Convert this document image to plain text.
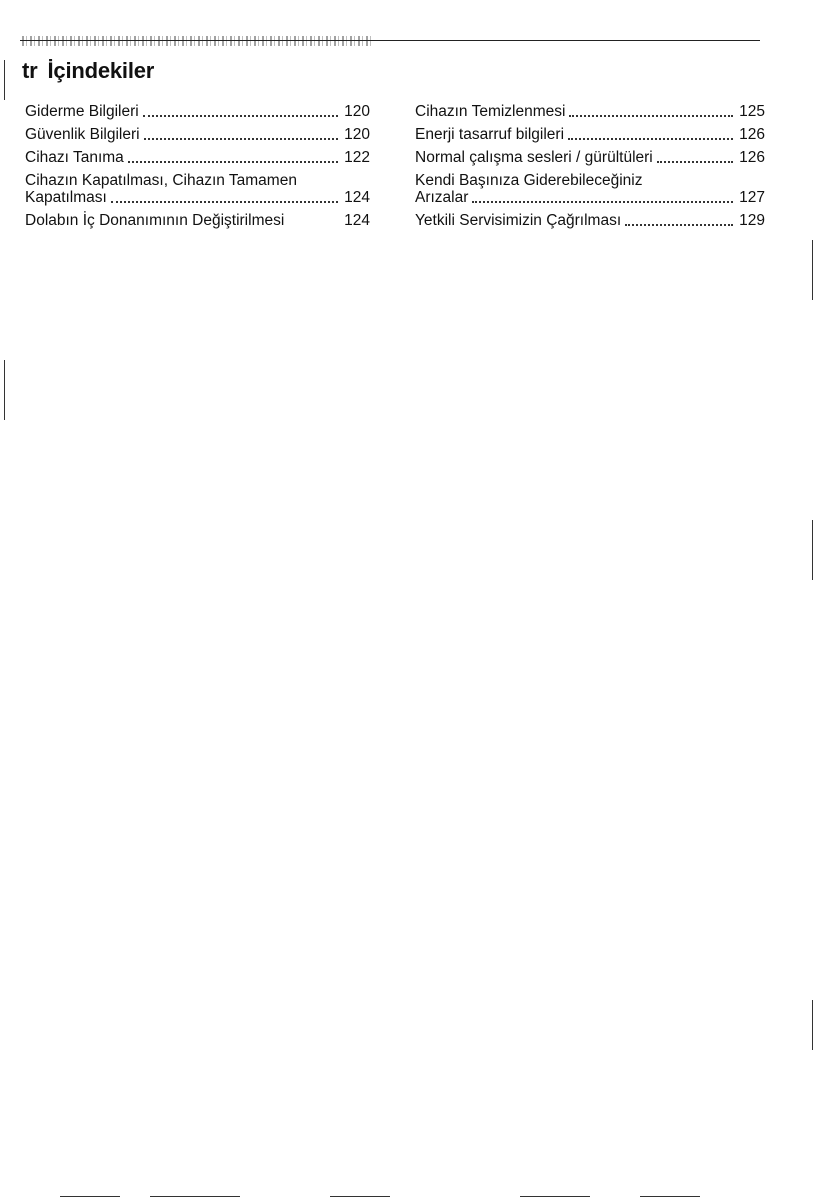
tr İçindekiler
Giderme Bilgileri	120
Güvenlik Bilgileri	120
Cihazı Tanıma	122
Cihazın Kapatılması, Cihazın Tamamen
Kapatılması	124
Dolabın İç Donanımının Değiştirilmesi	124
Cihazın Temizlenmesi	125
Enerji tasarruf bilgileri	126
Normal çalışma sesleri / gürültüleri	126
Kendi Başınıza Giderebileceğiniz
Arızalar	127
Yetkili Servisimizin Çağrılması	129
